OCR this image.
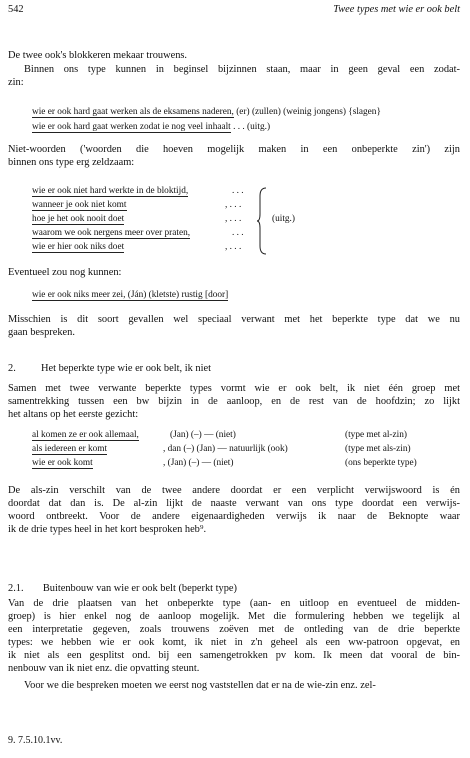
542	Twee types met wie er ook belt
De twee ook's blokkeren mekaar trouwens.
Binnen ons type kunnen in beginsel bijzinnen staan, maar in geen geval een zodat-
zin:
wie er ook hard gaat werken als de eksamens naderen, (er) (zullen) (weinig jongens) {slagen}
wie er ook hard gaat werken zodat ie nog veel inhaalt . . . (uitg.)
Niet-woorden ('woorden die hoeven mogelijk maken in een onbeperkte zin') zijn
binnen ons type erg zeldzaam:
wie er ook niet hard werkte in de bloktijd,	. . .
wanneer je ook niet komt	, . . .
hoe je het ook nooit doet	, . . .
waarom we ook nergens meer over praten,	. . .
wie er hier ook niks doet	, . . .
(uitg.)
Eventueel zou nog kunnen:
wie er ook niks meer zei, (Ján) (kletste) rustig [door]
Misschien is dit soort gevallen wel speciaal verwant met het beperkte type dat we nu
gaan bespreken.
2. Het beperkte type wie er ook belt, ik niet
Samen met twee verwante beperkte types vormt wie er ook belt, ik niet één groep met
samentrekking tussen een bw bijzin in de aanloop, en de rest van de hoofdzin; zo lijkt
het altans op het eerste gezicht:
al komen ze er ook allemaal,	(Jan) (–) — (niet)	(type met al-zin)
als iedereen er komt	, dan (–) (Jan) — natuurlijk (ook)	(type met als-zin)
wie er ook komt	, (Jan) (–) — (niet)	(ons beperkte type)
De als-zin verschilt van de twee andere doordat er een verplicht verwijswoord is én
doordat dat dan is. De al-zin lijkt de naaste verwant van ons type doordat een verwijs-
woord ontbreekt. Voor de andere eigenaardigheden verwijs ik naar de Beknopte waar
ik de drie types heel in het kort besproken heb⁹.
2.1. Buitenbouw van wie er ook belt (beperkt type)
Van de drie plaatsen van het onbeperkte type (aan- en uitloop en eventueel de midden-
groep) is hier enkel nog de aanloop mogelijk. Met die formulering hebben we tegelijk al
een interpretatie gegeven, zoals trouwens zoëven met de ontleding van de drie beperkte
types: we hebben wie er ook komt, ik niet in z'n geheel als een ww-patroon opgevat, en
ik niet als een gesplitst ond. bij een samengetrokken pv kom. Ik meen dat vooral de bin-
nenbouw van ik niet enz. die opvatting steunt.
Voor we die bespreken moeten we eerst nog vaststellen dat er na de wie-zin enz. zel-
9. 7.5.10.1vv.
